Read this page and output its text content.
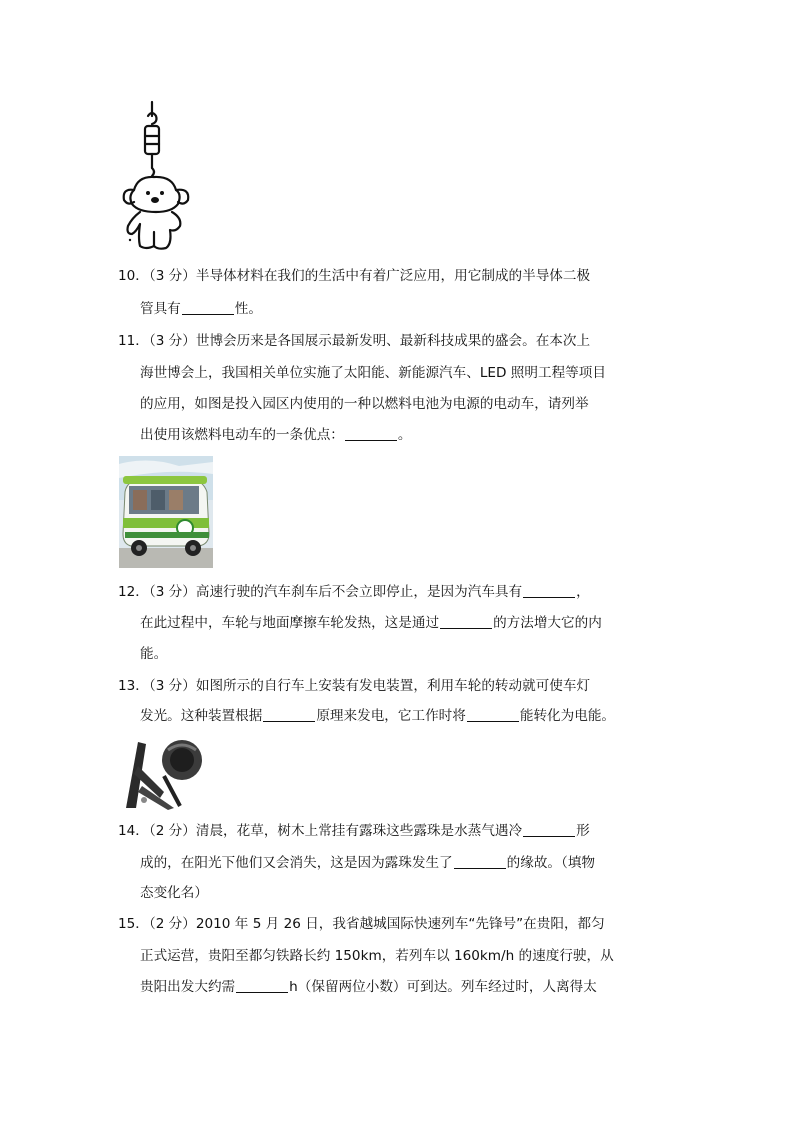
10．（3 分）半导体材料在我们的生活中有着广泛应用，用它制成的半导体二极
管具有	性。
11．（3 分）世博会历来是各国展示最新发明、最新科技成果的盛会。在本次上
海世博会上，我国相关单位实施了太阳能、新能源汽车、LED 照明工程等项目
的应用，如图是投入园区内使用的一种以燃料电池为电源的电动车，请列举
出使用该燃料电动车的一条优点：	。
12．（3 分）高速行驶的汽车刹车后不会立即停止，是因为汽车具有	，
在此过程中，车轮与地面摩擦车轮发热，这是通过	的方法增大它的内
能。
13．（3 分）如图所示的自行车上安装有发电装置，利用车轮的转动就可使车灯
发光。这种装置根据	原理来发电，它工作时将	能转化为电能。
14．（2 分）清晨，花草，树木上常挂有露珠这些露珠是水蒸气遇冷	形
成的，在阳光下他们又会消失，这是因为露珠发生了	的缘故。（填物
态变化名）
15．（2 分）2010 年 5 月 26 日，我省越城国际快速列车“先锋号”在贵阳，都匀
正式运营，贵阳至都匀铁路长约 150km，若列车以 160km/h 的速度行驶，从
贵阳出发大约需	h（保留两位小数）可到达。列车经过时，人离得太
